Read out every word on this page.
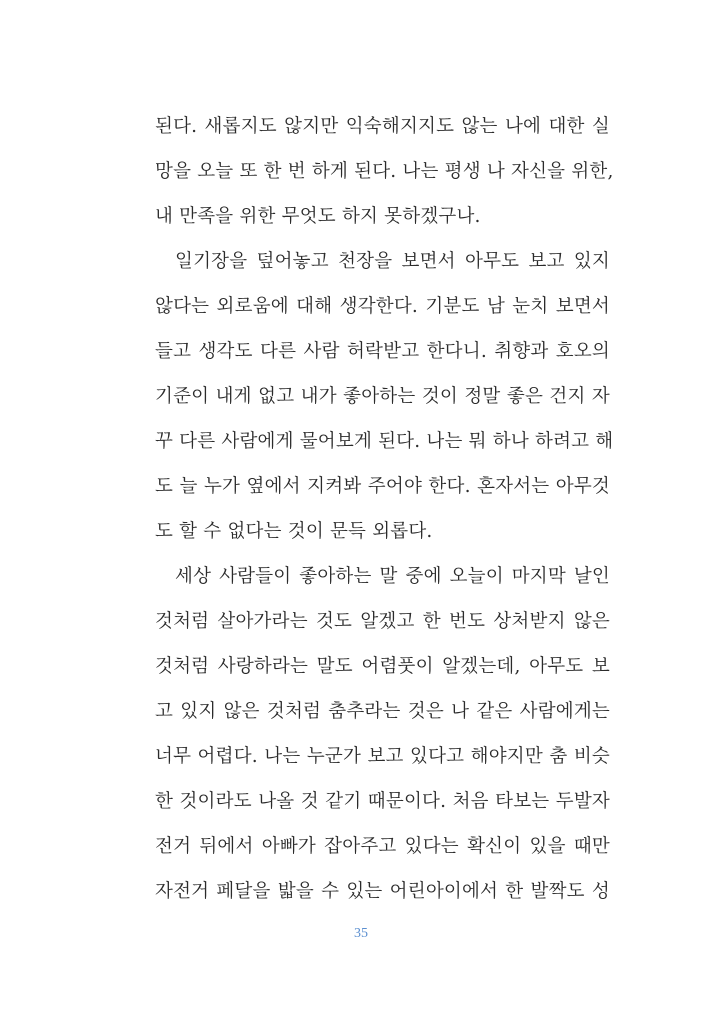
된다. 새롭지도 않지만 익숙해지지도 않는 나에 대한 실
망을 오늘 또 한 번 하게 된다. 나는 평생 나 자신을 위한,
내 만족을 위한 무엇도 하지 못하겠구나.
일기장을 덮어놓고 천장을 보면서 아무도 보고 있지
않다는 외로움에 대해 생각한다. 기분도 남 눈치 보면서
들고 생각도 다른 사람 허락받고 한다니. 취향과 호오의
기준이 내게 없고 내가 좋아하는 것이 정말 좋은 건지 자
꾸 다른 사람에게 물어보게 된다. 나는 뭐 하나 하려고 해
도 늘 누가 옆에서 지켜봐 주어야 한다. 혼자서는 아무것
도 할 수 없다는 것이 문득 외롭다.
세상 사람들이 좋아하는 말 중에 오늘이 마지막 날인
것처럼 살아가라는 것도 알겠고 한 번도 상처받지 않은
것처럼 사랑하라는 말도 어렴풋이 알겠는데, 아무도 보
고 있지 않은 것처럼 춤추라는 것은 나 같은 사람에게는
너무 어렵다. 나는 누군가 보고 있다고 해야지만 춤 비슷
한 것이라도 나올 것 같기 때문이다. 처음 타보는 두발자
전거 뒤에서 아빠가 잡아주고 있다는 확신이 있을 때만
자전거 페달을 밟을 수 있는 어린아이에서 한 발짝도 성
35
